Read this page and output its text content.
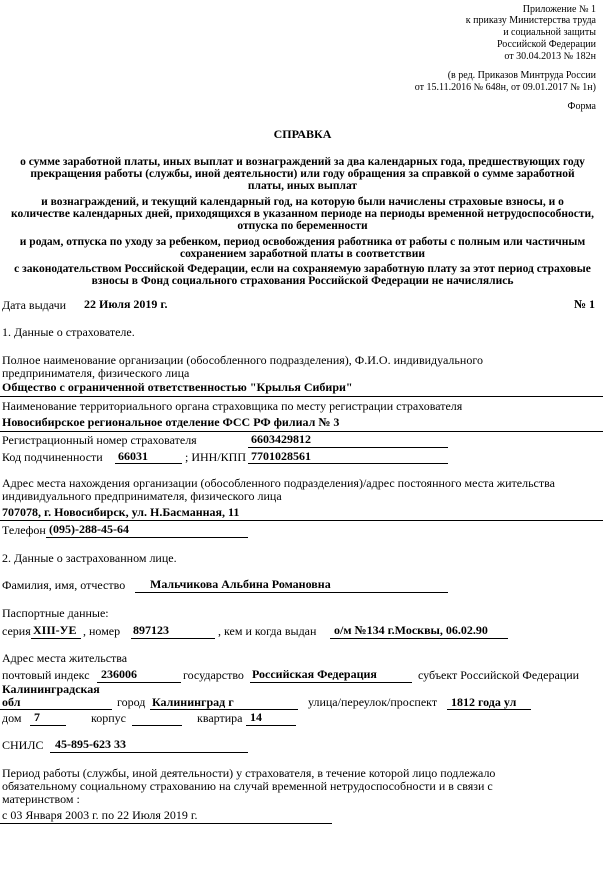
Приложение № 1
к приказу Министерства труда
и социальной защиты
Российской Федерации
от 30.04.2013 № 182н
(в ред. Приказов Минтруда России
от 15.11.2016 № 648н, от 09.01.2017 № 1н)
Форма
СПРАВКА
о сумме заработной платы, иных выплат и вознаграждений за два календарных года, предшествующих году
прекращения работы (службы, иной деятельности) или году обращения за справкой о сумме заработной
платы, иных выплат
и вознаграждений, и текущий календарный год, на которую были начислены страховые взносы, и о
количестве календарных дней, приходящихся в указанном периоде на периоды временной нетрудоспособности,
отпуска по беременности
и родам, отпуска по уходу за ребенком, период освобождения работника от работы с полным или частичным
сохранением заработной платы в соответствии
с законодательством Российской Федерации, если на сохраняемую заработную плату за этот период страховые
взносы в Фонд социального страхования Российской Федерации не начислялись
Дата выдачи 22 Июля 2019 г.	№ 1
1. Данные о страхователе.
Полное наименование организации (обособленного подразделения), Ф.И.О. индивидуального
предпринимателя, физического лица
Общество с ограниченной ответственностью "Крылья Сибири"
Наименование территориального органа страховщика по месту регистрации страхователя
Новосибирское региональное отделение ФСС РФ филиал № 3
Регистрационный номер страхователя	6603429812
Код подчиненности 66031	; ИНН/КПП 7701028561
Адрес места нахождения организации (обособленного подразделения)/адрес постоянного места жительства
индивидуального предпринимателя, физического лица
707078, г. Новосибирск, ул. Н.Басманная, 11
Телефон (095)-288-45-64
2. Данные о застрахованном лице.
Фамилия, имя, отчество Мальчикова Альбина Романовна
Паспортные данные:
серия XIII-УЕ , номер 897123	, кем и когда выдан о/м №134 г.Москвы, 06.02.90
Адрес места жительства
почтовый индекс 236006	государство Российская Федерация	субъект Российской Федерации
Калининградская
обл	город Калининград г	улица/переулок/проспект 1812 года ул
дом 7	корпус	квартира 14
СНИЛС 45-895-623 33
Период работы (службы, иной деятельности) у страхователя, в течение которой лицо подлежало
обязательному социальному страхованию на случай временной нетрудоспособности и в связи с
материнством :
с 03 Января 2003 г. по 22 Июля 2019 г.
